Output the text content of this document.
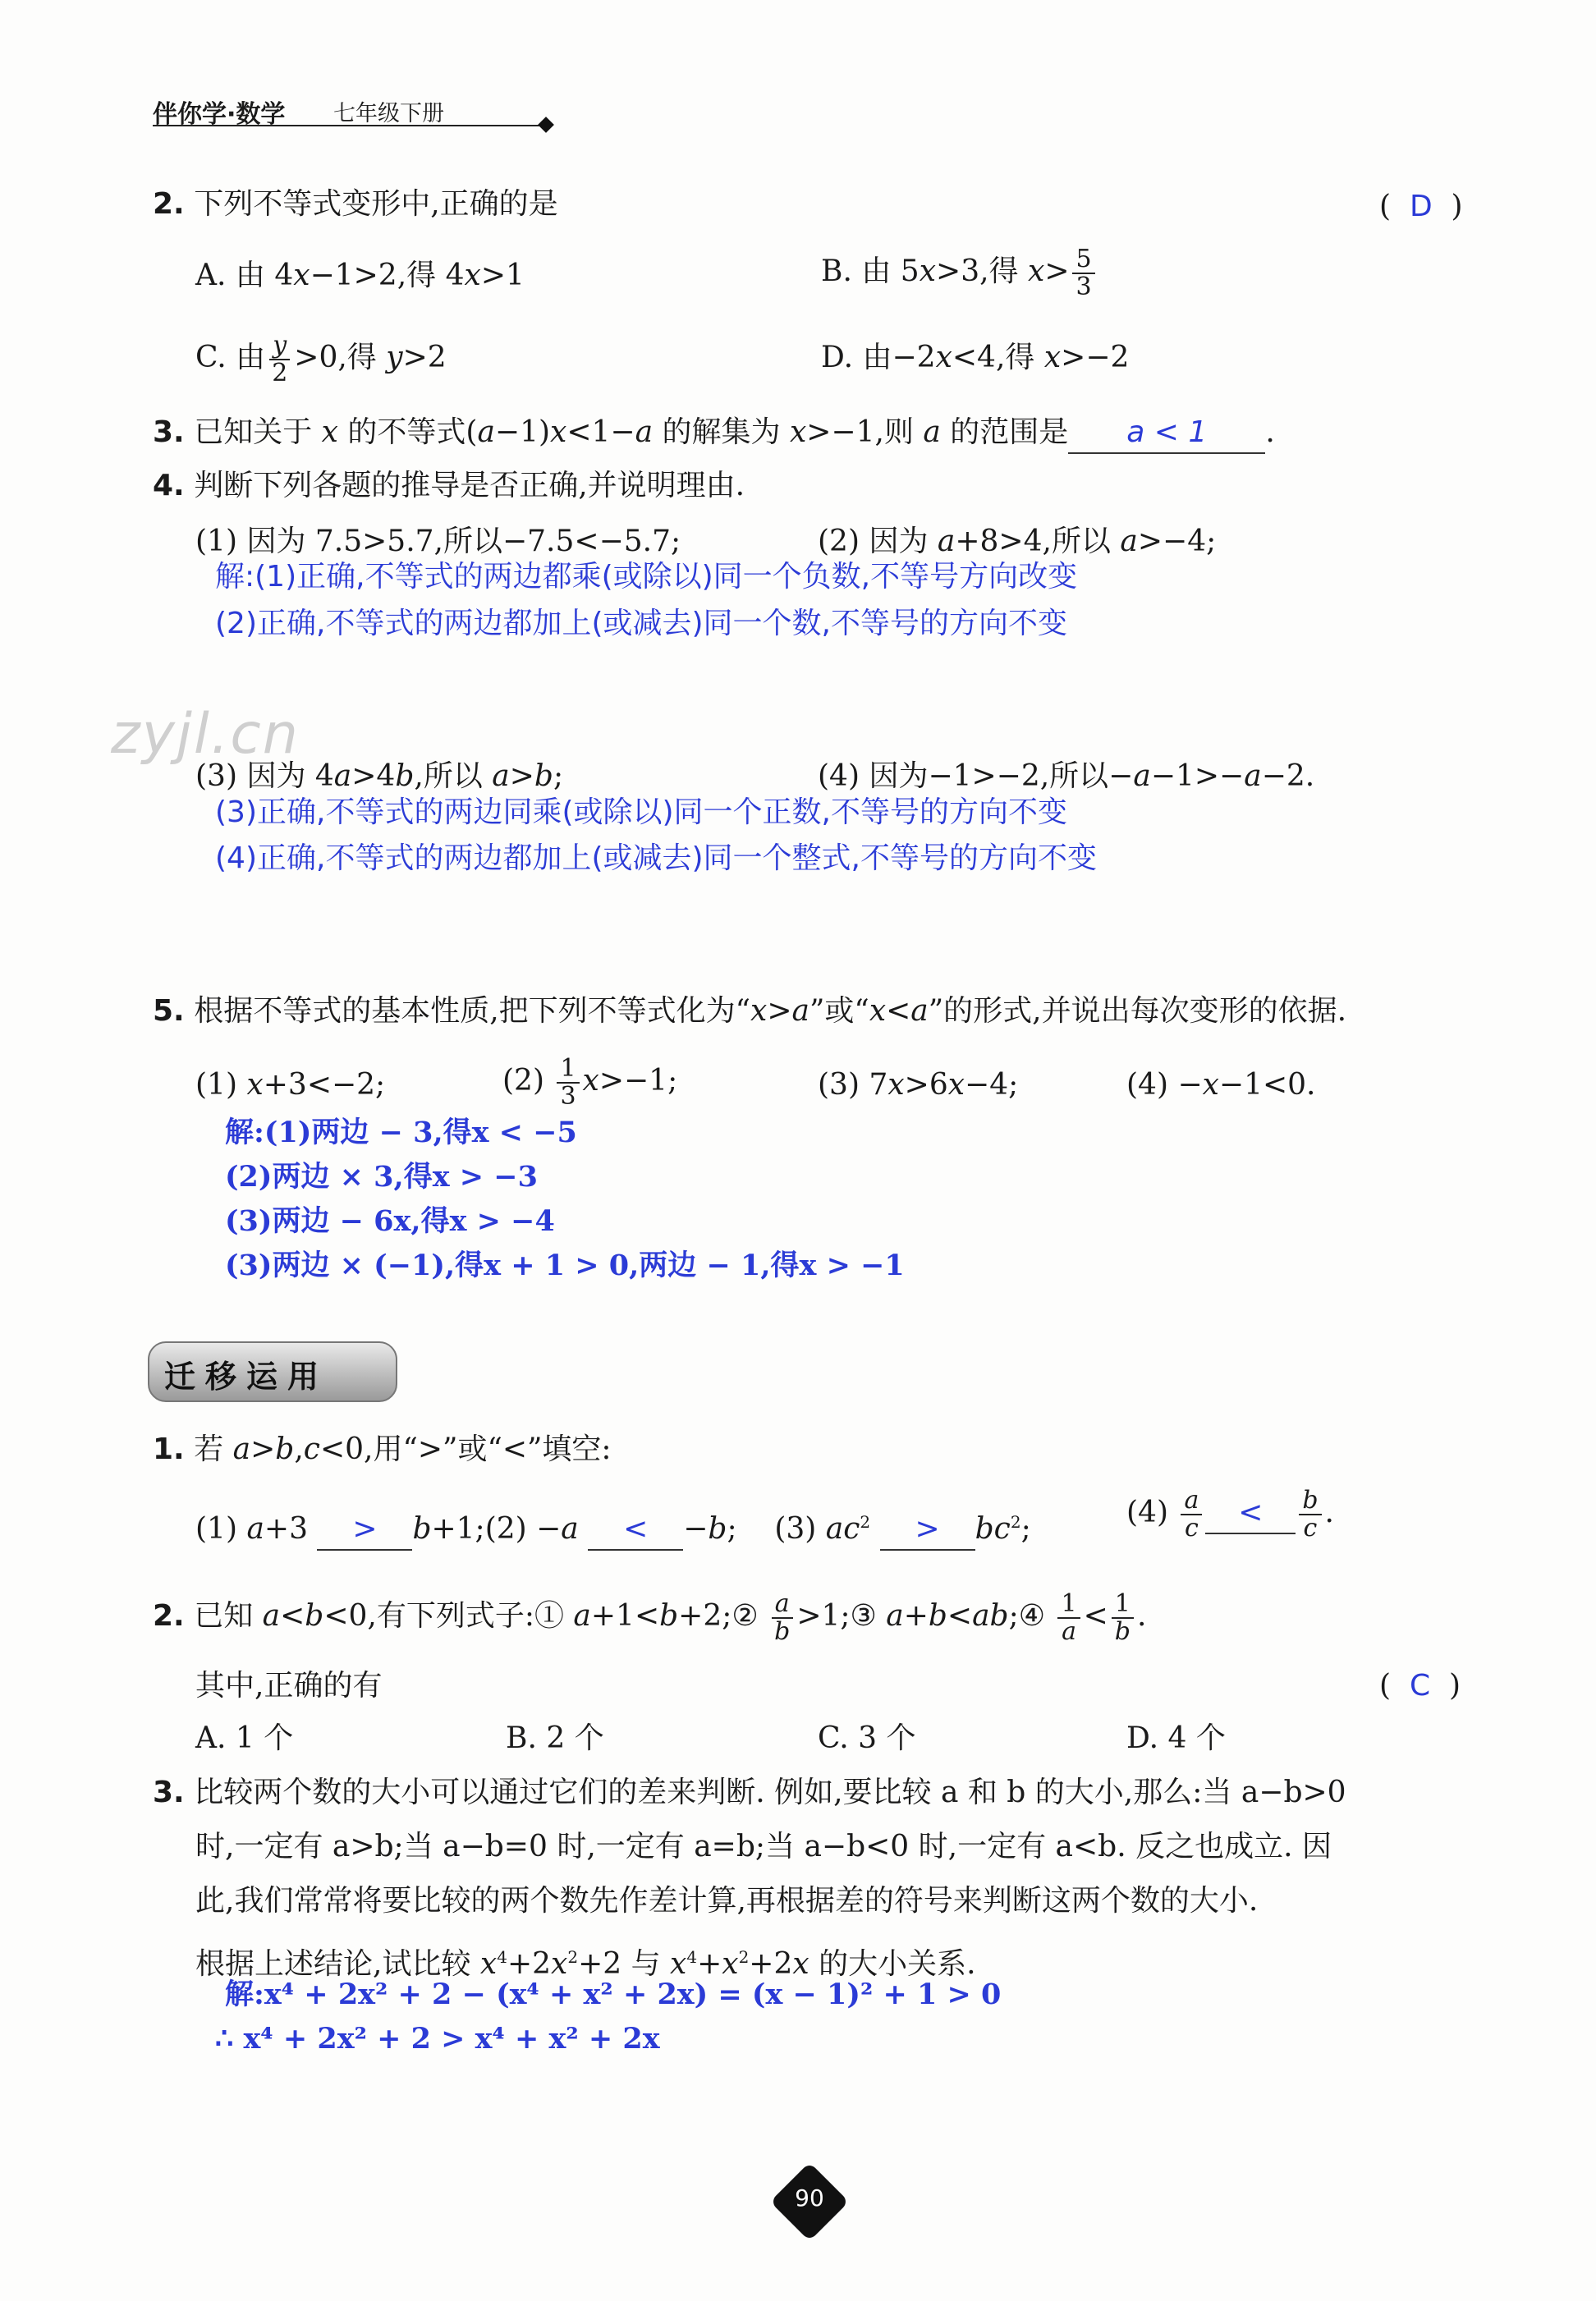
伴你学·数学 七年级下册
2. 下列不等式变形中,正确的是	(  D  )
A. 由 4x−1>2,得 4x>1	B. 由 5x>3,得 $x> \frac{5}{3}$
C. 由 $\frac{y}{2} >0$,得 y>2	D. 由−2x<4,得 x>−2
3. 已知关于 x 的不等式(a−1)x<1−a 的解集为 x>−1,则 a 的范围是 a < 1 .
4. 判断下列各题的推导是否正确,并说明理由.
(1) 因为 7.5>5.7,所以−7.5<−5.7;	(2) 因为 a+8>4,所以 a>−4;
解:(1)正确,不等式的两边都乘(或除以)同一个负数,不等号方向改变
(2)正确,不等式的两边都加上(或减去)同一个数,不等号的方向不变
zyjl.cn
(3) 因为 4a>4b,所以 a>b;	(4) 因为−1>−2,所以−a−1>−a−2.
(3)正确,不等式的两边同乘(或除以)同一个正数,不等号的方向不变
(4)正确,不等式的两边都加上(或减去)同一个整式,不等号的方向不变
5. 根据不等式的基本性质,把下列不等式化为“x>a”或“x<a”的形式,并说出每次变形的依据.
(1) x+3<−2;	$(2) \frac{1}{3} x>-1$;	(3) 7x>6x−4;	(4) −x−1<0.
解:(1)两边 − 3,得x < −5
(2)两边 × 3,得x > −3
(3)两边 − 6x,得x > −4
(3)两边 × (−1),得x + 1 > 0,两边 − 1,得x > −1
迁移运用
1. 若 a>b,c<0,用“>”或“<”填空:
(1) a+3 > b+1;(2) −a < −b; (3) $ac^2 > bc^2$;	$(4) \frac{a}{c} < \frac{b}{c}$ .
2. 已知 a<b<0,有下列式子:① a+1<b+2;② $\frac{a}{b}$ >1;③ a+b<ab;④ $\frac{1}{a} < \frac{1}{b}$ .
其中,正确的有	(  C  )
A. 1 个	B. 2 个	C. 3 个	D. 4 个
3. 比较两个数的大小可以通过它们的差来判断. 例如,要比较 a 和 b 的大小,那么:当 a−b>0
时,一定有 a>b;当 a−b=0 时,一定有 a=b;当 a−b<0 时,一定有 a<b. 反之也成立. 因
此,我们常常将要比较的两个数先作差计算,再根据差的符号来判断这两个数的大小.
根据上述结论,试比较 $x^4+2x^2+2$ 与 $x^4+x^2+2x$ 的大小关系.
解:x⁴ + 2x² + 2 − (x⁴ + x² + 2x) = (x − 1)² + 1 > 0
∴ x⁴ + 2x² + 2 > x⁴ + x² + 2x
90
